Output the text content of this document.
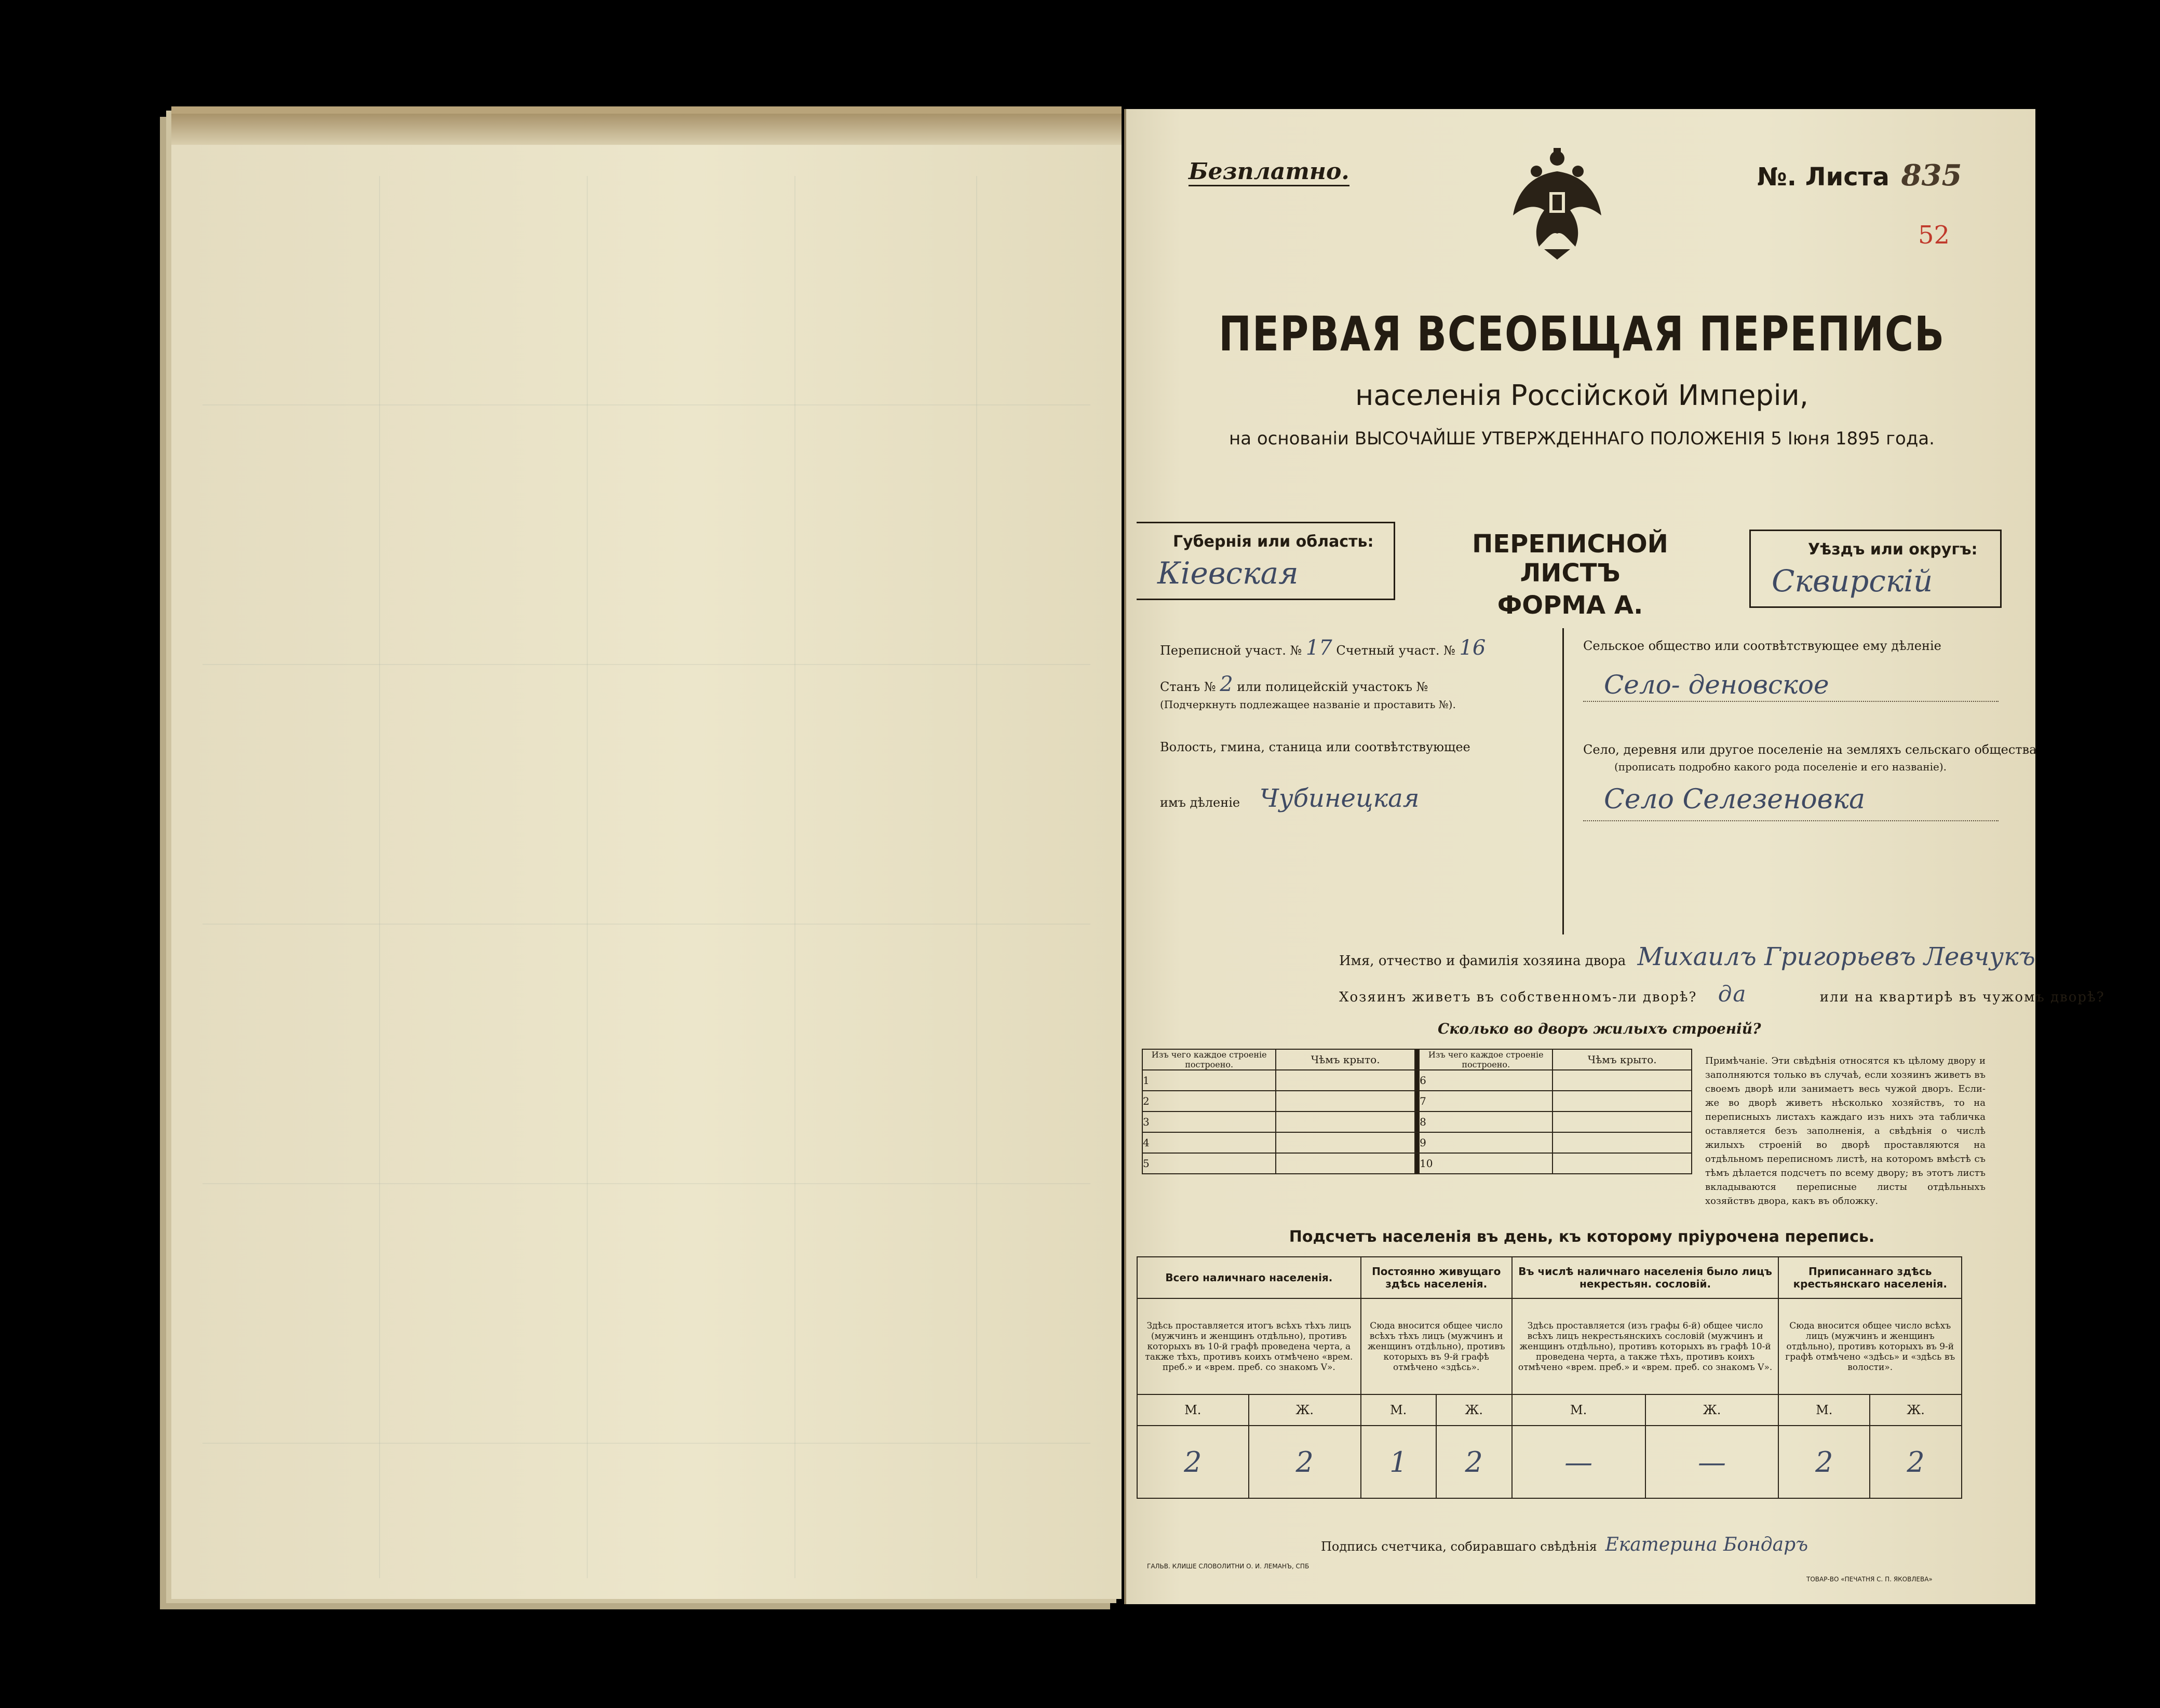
Безплатно.	№. Листа 835
52
ПЕРВАЯ ВСЕОБЩАЯ ПЕРЕПИСЬ
населенія Россійской Имперіи,
на основаніи ВЫСОЧАЙШЕ УТВЕРЖДЕННАГО ПОЛОЖЕНІЯ 5 Іюня 1895 года.
Губернія или область:
Кіевская
ПЕРЕПИСНОЙ ЛИСТЪ
ФОРМА А.
Уѣздъ или округъ:
Сквирскій
Переписной участ. № 17 Счетный участ. № 16
Станъ № 2 или полицейскій участокъ №
(Подчеркнуть подлежащее названіе и проставить №).
Волость, гмина, станица или соотвѣтствующее
имъ дѣленіе Чубинецкая
Сельское общество или соотвѣтствующее ему дѣленіе
Село- деновское
Село, деревня или другое поселеніе на земляхъ сельскаго общества
(прописать подробно какого рода поселеніе и его названіе).
Село Селезеновка
Имя, отчество и фамилія хозяина двора Михаилъ Григорьевъ Левчукъ
Хозяинъ живетъ въ собственномъ-ли дворѣ? да	или на квартирѣ въ чужомъ дворѣ?
Сколько во дворъ жилыхъ строеній?
Изъ чего каждое строеніе построено.	Чѣмъ крыто.		Изъ чего каждое строеніе построено.	Чѣмъ крыто.
1			6	
2			7	
3			8	
4			9	
5			10	
Примѣчаніе. Эти свѣдѣнія относятся къ цѣлому двору и заполняются только въ случаѣ, если хозяинъ живетъ въ своемъ дворѣ или занимаетъ весь чужой дворъ. Если-же во дворѣ живетъ нѣсколько хозяйствъ, то на переписныхъ листахъ каждаго изъ нихъ эта табличка оставляется безъ заполненія, а свѣдѣнія о числѣ жилыхъ строеній во дворѣ проставляются на отдѣльномъ переписномъ листѣ, на которомъ вмѣстѣ съ тѣмъ дѣлается подсчетъ по всему двору; въ этотъ листъ вкладываются переписные листы отдѣльныхъ хозяйствъ двора, какъ въ обложку.
Подсчетъ населенія въ день, къ которому пріурочена перепись.
Всего наличнаго населенія.		Постоянно живущаго здѣсь населенія.		Въ числѣ наличнаго населенія было лицъ некрестьян. сословій.		Приписаннаго здѣсь крестьянскаго населенія.	
Здѣсь проставляется итогъ всѣхъ тѣхъ лицъ (мужчинъ и женщинъ отдѣльно), противъ которыхъ въ 10-й графѣ проведена черта, а также тѣхъ, противъ коихъ отмѣчено «врем. преб.» и «врем. преб. со знакомъ V».		Сюда вносится общее число всѣхъ тѣхъ лицъ (мужчинъ и женщинъ отдѣльно), противъ которыхъ въ 9-й графѣ отмѣчено «здѣсь».		Здѣсь проставляется (изъ графы 6-й) общее число всѣхъ лицъ некрестьянскихъ сословій (мужчинъ и женщинъ отдѣльно), противъ которыхъ въ графѣ 10-й проведена черта, а также тѣхъ, противъ коихъ отмѣчено «врем. преб.» и «врем. преб. со знакомъ V».		Сюда вносится общее число всѣхъ лицъ (мужчинъ и женщинъ отдѣльно), противъ которыхъ въ 9-й графѣ отмѣчено «здѣсь» и «здѣсь въ волости».	
М.	Ж.	М.	Ж.	М.	Ж.	М.	Ж.
2	2	1	2	—	—	2	2
Подпись счетчика, собиравшаго свѣдѣнія Екатерина Бондаръ
ГАЛЬВ. КЛИШЕ СЛОВОЛИТНИ О. И. ЛЕМАНЪ, СПБ
ТОВАР-ВО «ПЕЧАТНЯ С. П. ЯКОВЛЕВА»
